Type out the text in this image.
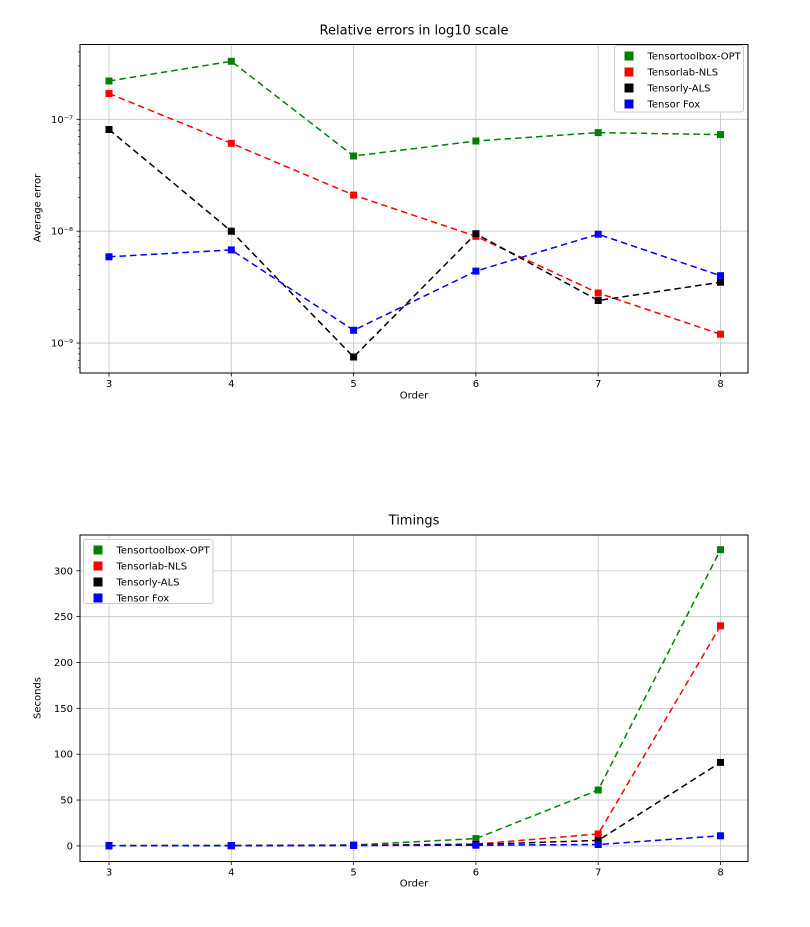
3	4	5	6	7	8
10⁻⁷
10⁻⁸
10⁻⁹
Tensortoolbox-OPT
Tensorlab-NLS
Tensorly-ALS
Tensor Fox
3	4	5	6	7	8
0
50
100
150
200
250
300
Tensortoolbox-OPT
Tensorlab-NLS
Tensorly-ALS
Tensor Fox
Relative errors in log10 scale
Average error
Order
Timings
Seconds
Order
